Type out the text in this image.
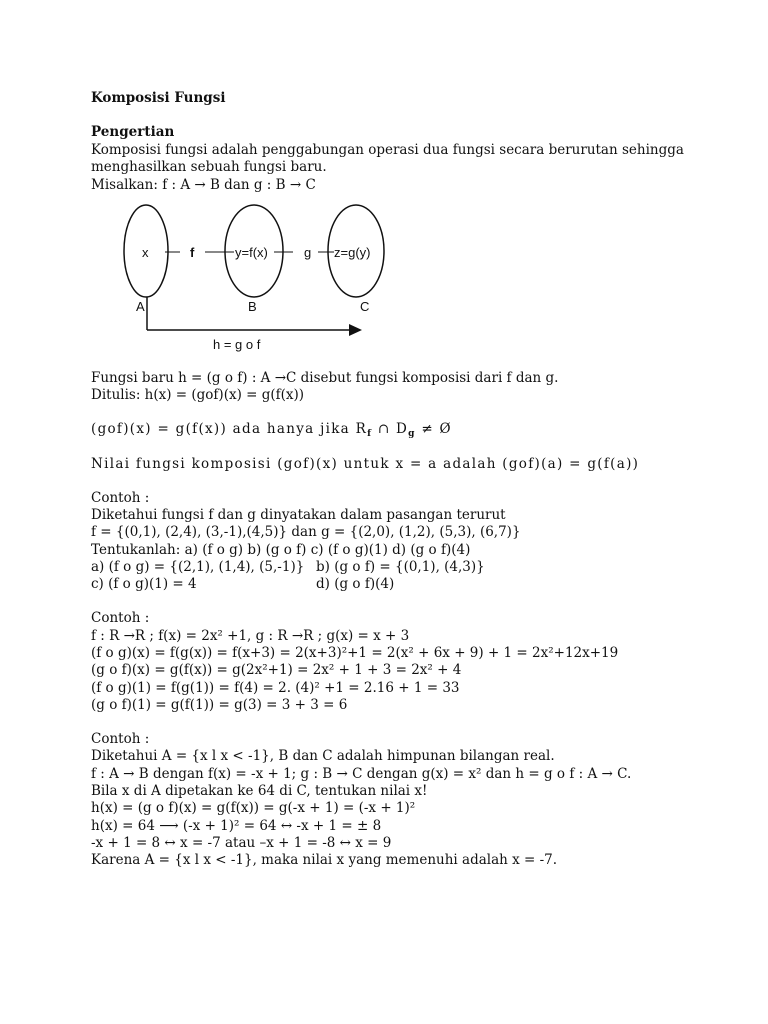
Komposisi Fungsi
Pengertian
Komposisi fungsi adalah penggabungan operasi dua fungsi secara berurutan sehingga
menghasilkan sebuah fungsi baru.
Misalkan: f : A → B dan g : B → C
x	f	y=f(x)	g z=g(y)
A	B	C
h = g o f
Fungsi baru h = (g o f) : A →C disebut fungsi komposisi dari f dan g.
Ditulis: h(x) = (gof)(x) = g(f(x))
(gof)(x) = g(f(x)) ada hanya jika $R_f$ ∩ $D_g$ ≠ Ø
Nilai fungsi komposisi (gof)(x) untuk x = a adalah (gof)(a) = g(f(a))
Contoh :
Diketahui fungsi f dan g dinyatakan dalam pasangan terurut
f = {(0,1), (2,4), (3,-1),(4,5)} dan g = {(2,0), (1,2), (5,3), (6,7)}
Tentukanlah: a) (f o g) b) (g o f) c) (f o g)(1) d) (g o f)(4)
a) (f o g) = {(2,1), (1,4), (5,-1)} b) (g o f) = {(0,1), (4,3)}
c) (f o g)(1) = 4	d) (g o f)(4)
Contoh :
f : R →R ; f(x) = 2x² +1, g : R →R ; g(x) = x + 3
(f o g)(x) = f(g(x)) = f(x+3) = 2(x+3)²+1 = 2(x² + 6x + 9) + 1 = 2x²+12x+19
(g o f)(x) = g(f(x)) = g(2x²+1) = 2x² + 1 + 3 = 2x² + 4
(f o g)(1) = f(g(1)) = f(4) = 2. (4)² +1 = 2.16 + 1 = 33
(g o f)(1) = g(f(1)) = g(3) = 3 + 3 = 6
Contoh :
Diketahui A = {x l x < -1}, B dan C adalah himpunan bilangan real.
f : A → B dengan f(x) = -x + 1; g : B → C dengan g(x) = x² dan h = g o f : A → C.
Bila x di A dipetakan ke 64 di C, tentukan nilai x!
h(x) = (g o f)(x) = g(f(x)) = g(-x + 1) = (-x + 1)²
h(x) = 64 ⟶ (-x + 1)² = 64 ↔ -x + 1 = ± 8
-x + 1 = 8 ↔ x = -7 atau –x + 1 = -8 ↔ x = 9
Karena A = {x l x < -1}, maka nilai x yang memenuhi adalah x = -7.
